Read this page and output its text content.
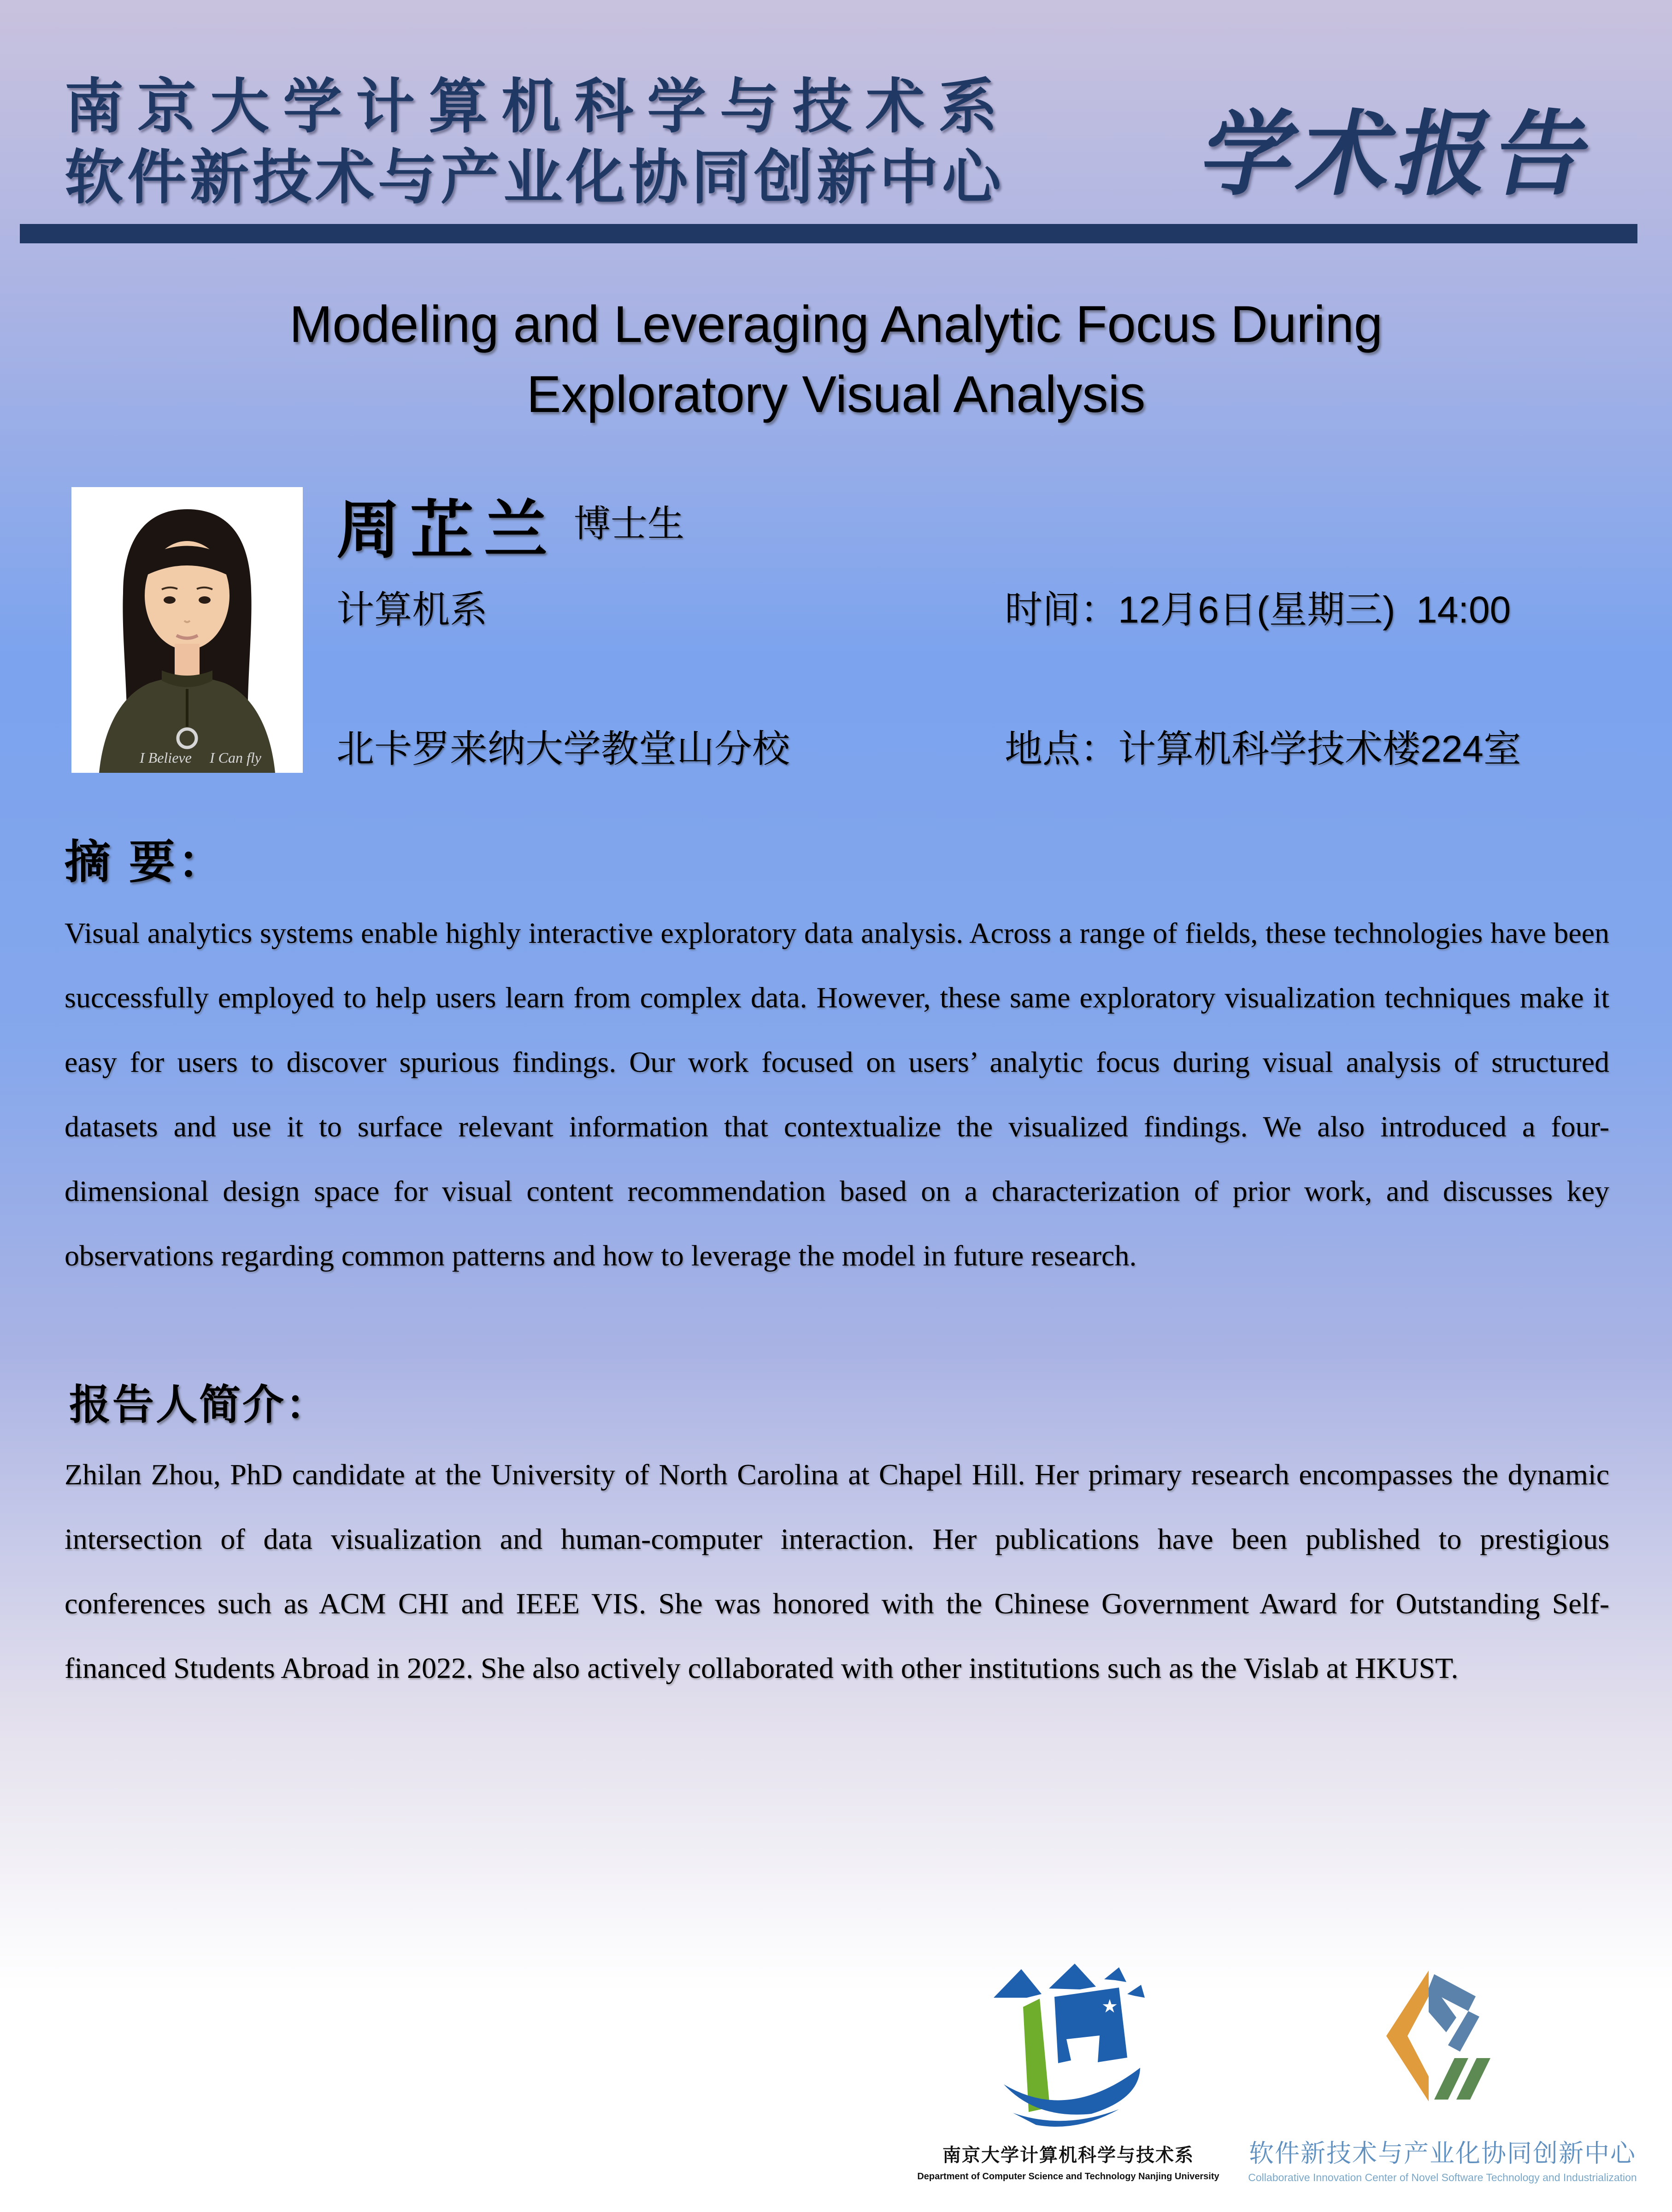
南京大学计算机科学与技术系
软件新技术与产业化协同创新中心 学术报告
Modeling and Leveraging Analytic Focus During
Exploratory Visual Analysis
I Believe I Can fly
周芷兰 博士生
计算机系
北卡罗来纳大学教堂山分校
时间：12月6日(星期三)  14:00
地点：计算机科学技术楼224室
摘 要：
Visual analytics systems enable highly interactive exploratory data analysis. Across a range of fields, these technologies have been successfully employed to help users learn from complex data. However, these same exploratory visualization techniques make it easy for users to discover spurious findings. Our work focused on users’ analytic focus during visual analysis of structured datasets and use it to surface relevant information that contextualize the visualized findings. We also introduced a four-dimensional design space for visual content recommendation based on a characterization of prior work, and discusses key observations regarding common patterns and how to leverage the model in future research.
报告人简介：
Zhilan Zhou, PhD candidate at the University of North Carolina at Chapel Hill. Her primary research encompasses the dynamic intersection of data visualization and human-computer interaction. Her publications have been published to prestigious conferences such as ACM CHI and IEEE VIS. She was honored with the Chinese Government Award for Outstanding Self-financed Students Abroad in 2022. She also actively collaborated with other institutions such as the Vislab at HKUST.
★
南京大学计算机科学与技术系
Department of Computer Science and Technology Nanjing University
软件新技术与产业化协同创新中心
Collaborative Innovation Center of Novel Software Technology and Industrialization
